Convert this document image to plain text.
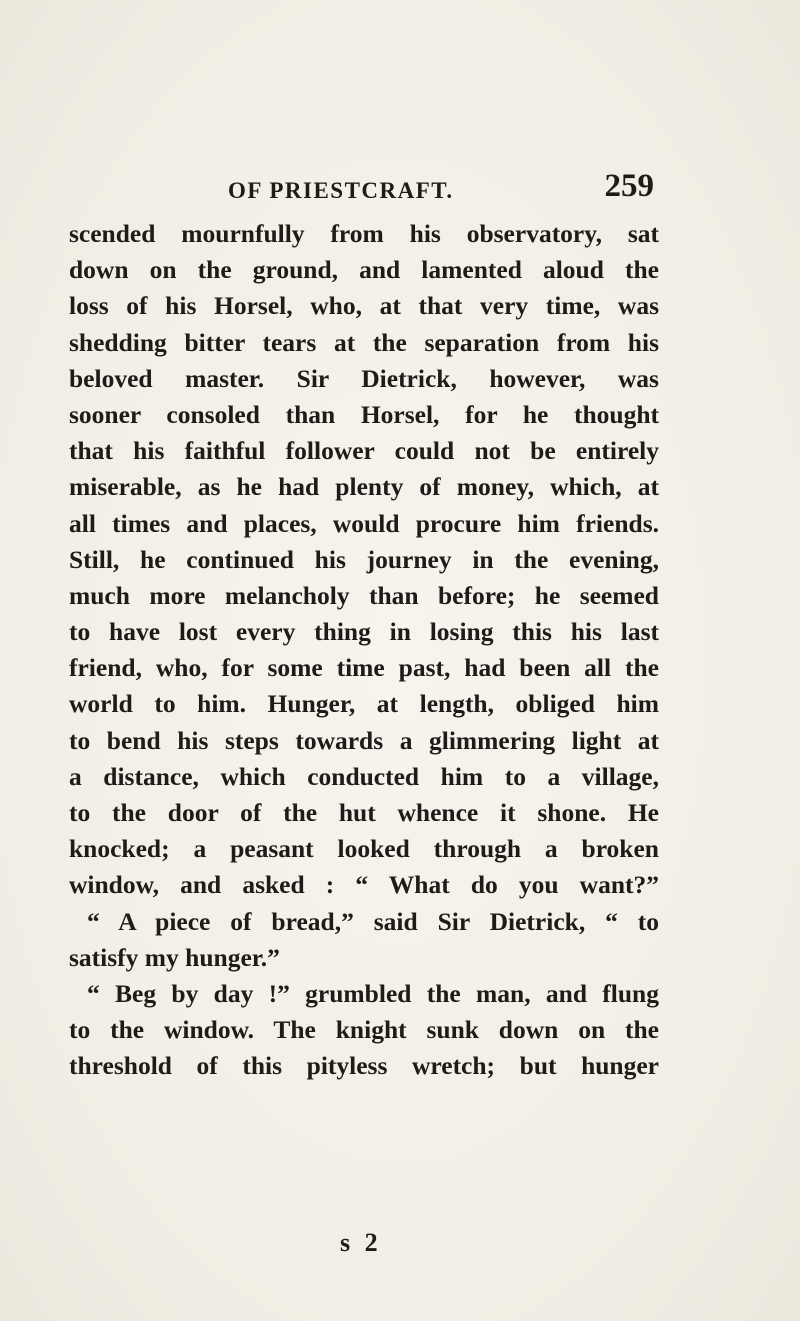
OF PRIESTCRAFT.	259
scended mournfully from his observatory, sat
down on the ground, and lamented aloud the
loss of his Horsel, who, at that very time, was
shedding bitter tears at the separation from his
beloved master. Sir Dietrick, however, was
sooner consoled than Horsel, for he thought
that his faithful follower could not be entirely
miserable, as he had plenty of money, which, at
all times and places, would procure him friends.
Still, he continued his journey in the evening,
much more melancholy than before; he seemed
to have lost every thing in losing this his last
friend, who, for some time past, had been all the
world to him. Hunger, at length, obliged him
to bend his steps towards a glimmering light at
a distance, which conducted him to a village,
to the door of the hut whence it shone. He
knocked; a peasant looked through a broken
window, and asked : “ What do you want?”
“ A piece of bread,” said Sir Dietrick, “ to
satisfy my hunger.”
“ Beg by day !” grumbled the man, and flung
to the window. The knight sunk down on the
threshold of this pityless wretch; but hunger
s 2
